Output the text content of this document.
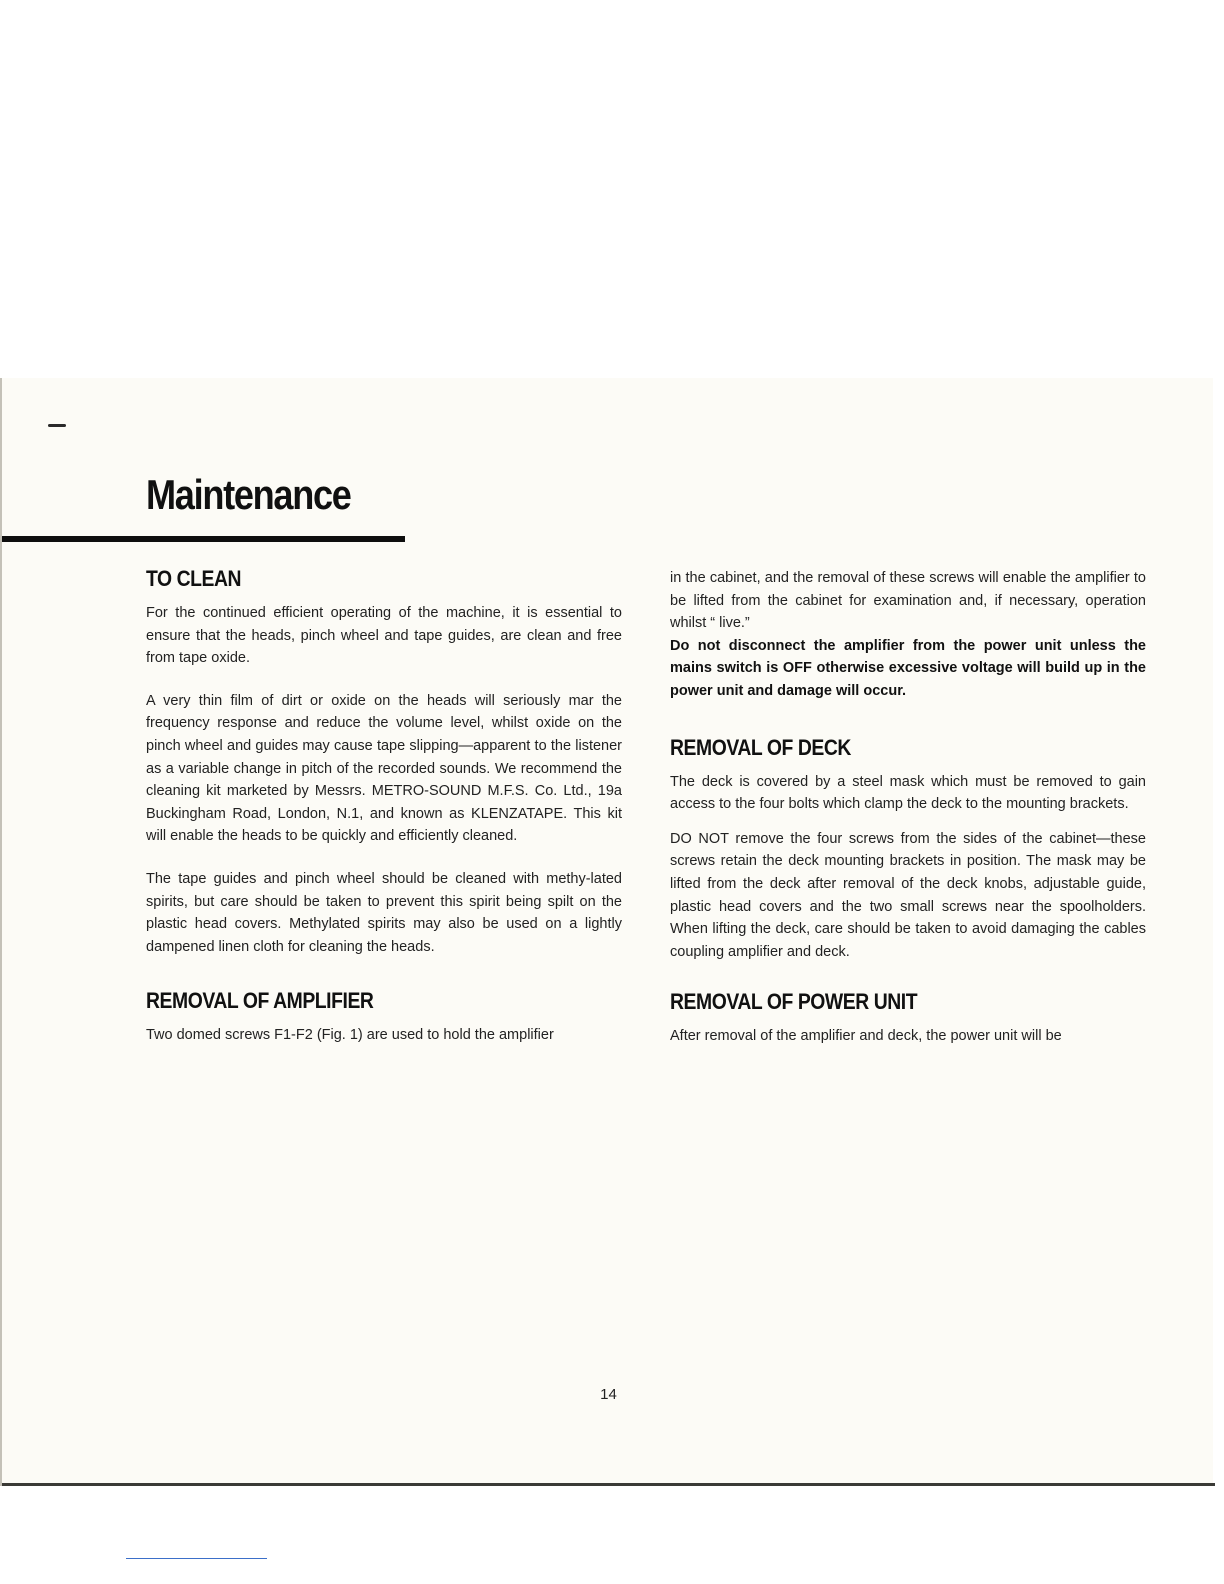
Maintenance
TO CLEAN

For the continued efficient operating of the machine, it is essential to ensure that the heads, pinch wheel and tape guides, are clean and free from tape oxide.

A very thin film of dirt or oxide on the heads will seriously mar the frequency response and reduce the volume level, whilst oxide on the pinch wheel and guides may cause tape slipping—apparent to the listener as a variable change in pitch of the recorded sounds. We recommend the cleaning kit marketed by Messrs. METRO-SOUND M.F.S. Co. Ltd., 19a Buckingham Road, London, N.1, and known as KLENZATAPE. This kit will enable the heads to be quickly and efficiently cleaned.

The tape guides and pinch wheel should be cleaned with methy-lated spirits, but care should be taken to prevent this spirit being spilt on the plastic head covers. Methylated spirits may also be used on a lightly dampened linen cloth for cleaning the heads.

REMOVAL OF AMPLIFIER

Two domed screws F1-F2 (Fig. 1) are used to hold the amplifier

in the cabinet, and the removal of these screws will enable the amplifier to be lifted from the cabinet for examination and, if necessary, operation whilst “ live.”

Do not disconnect the amplifier from the power unit unless the mains switch is OFF otherwise excessive voltage will build up in the power unit and damage will occur.

REMOVAL OF DECK

The deck is covered by a steel mask which must be removed to gain access to the four bolts which clamp the deck to the mounting brackets.

DO NOT remove the four screws from the sides of the cabinet—these screws retain the deck mounting brackets in position. The mask may be lifted from the deck after removal of the deck knobs, adjustable guide, plastic head covers and the two small screws near the spoolholders. When lifting the deck, care should be taken to avoid damaging the cables coupling amplifier and deck.

REMOVAL OF POWER UNIT

After removal of the amplifier and deck, the power unit will be

14
